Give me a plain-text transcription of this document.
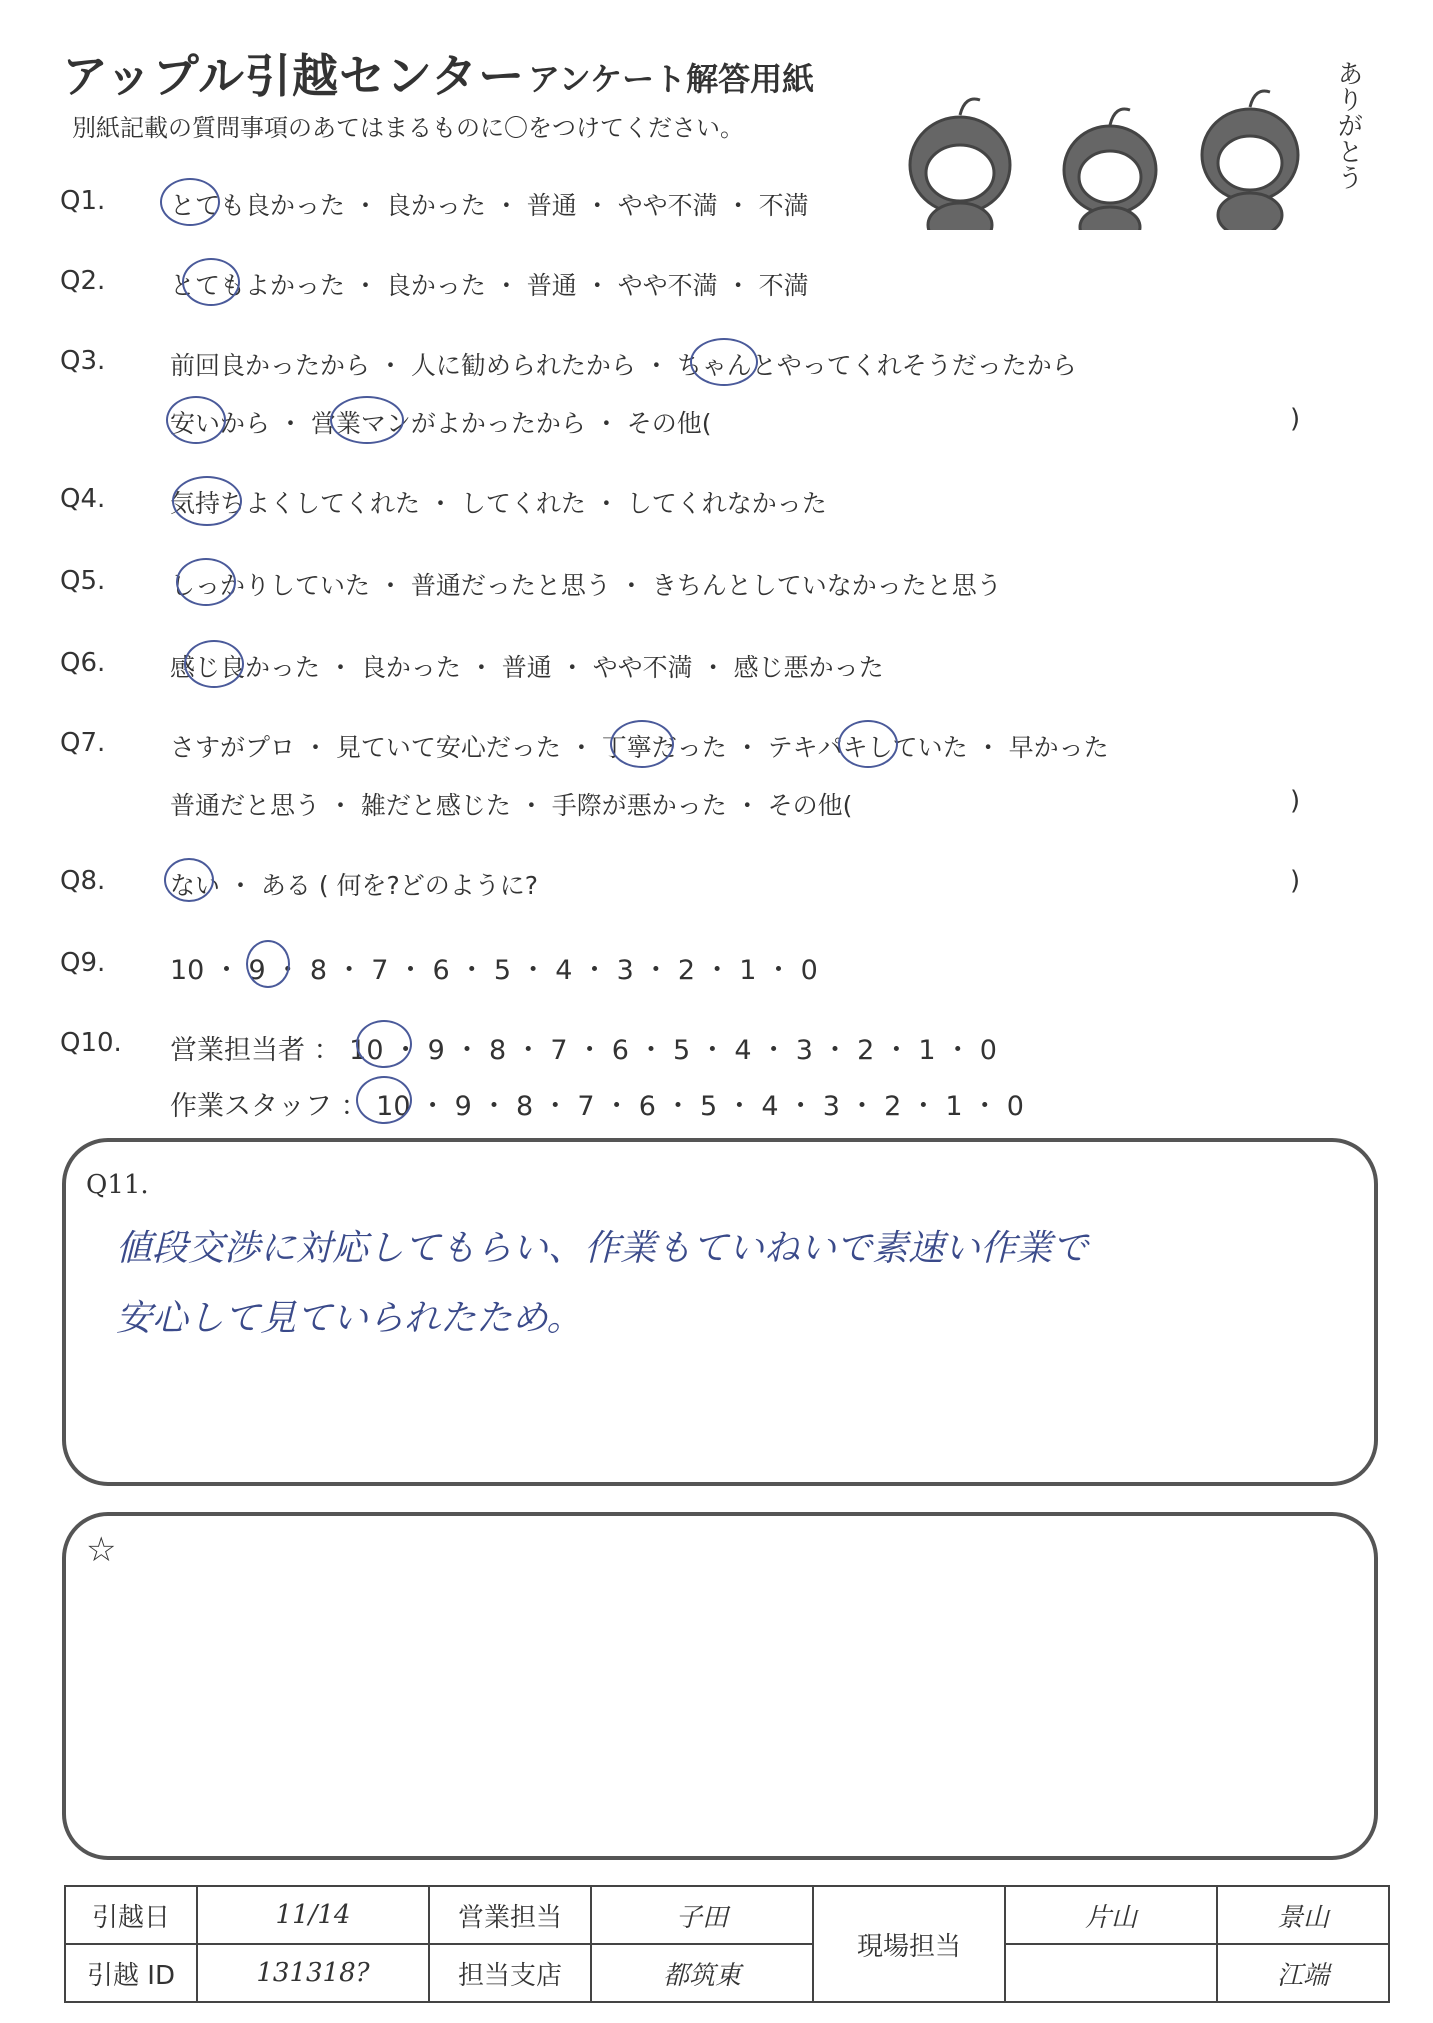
アップル引越センター アンケート解答用紙
別紙記載の質問事項のあてはまるものに〇をつけてください。	ありがとう
Q1.	とても良かった ・ 良かった ・ 普通 ・ やや不満 ・ 不満
Q2.	とてもよかった ・ 良かった ・ 普通 ・ やや不満 ・ 不満
Q3.	前回良かったから ・ 人に勧められたから ・ ちゃんとやってくれそうだったから
安いから ・ 営業マンがよかったから ・ その他(	)
Q4.	気持ちよくしてくれた ・ してくれた ・ してくれなかった
Q5.	しっかりしていた ・ 普通だったと思う ・ きちんとしていなかったと思う
Q6.	感じ良かった ・ 良かった ・ 普通 ・ やや不満 ・ 感じ悪かった
Q7.	さすがプロ ・ 見ていて安心だった ・ 丁寧だった ・ テキパキしていた ・ 早かった
普通だと思う ・ 雑だと感じた ・ 手際が悪かった ・ その他(	)
Q8.	ない ・ ある ( 何を?どのように?	)
Q9. 10 ・ 9 ・ 8 ・ 7 ・ 6 ・ 5 ・ 4 ・ 3 ・ 2 ・ 1 ・ 0
Q10. 営業担当者 ： 10 ・ 9 ・ 8 ・ 7 ・ 6 ・ 5 ・ 4 ・ 3 ・ 2 ・ 1 ・ 0
作業スタッフ ： 10 ・ 9 ・ 8 ・ 7 ・ 6 ・ 5 ・ 4 ・ 3 ・ 2 ・ 1 ・ 0
Q11.
値段交渉に対応してもらい、作業もていねいで素速い作業で
安心して見ていられたため。
☆
引越日	11/14	営業担当	子田	現場担当	片山	景山
引越 ID	131318?	担当支店	都筑東			江端
